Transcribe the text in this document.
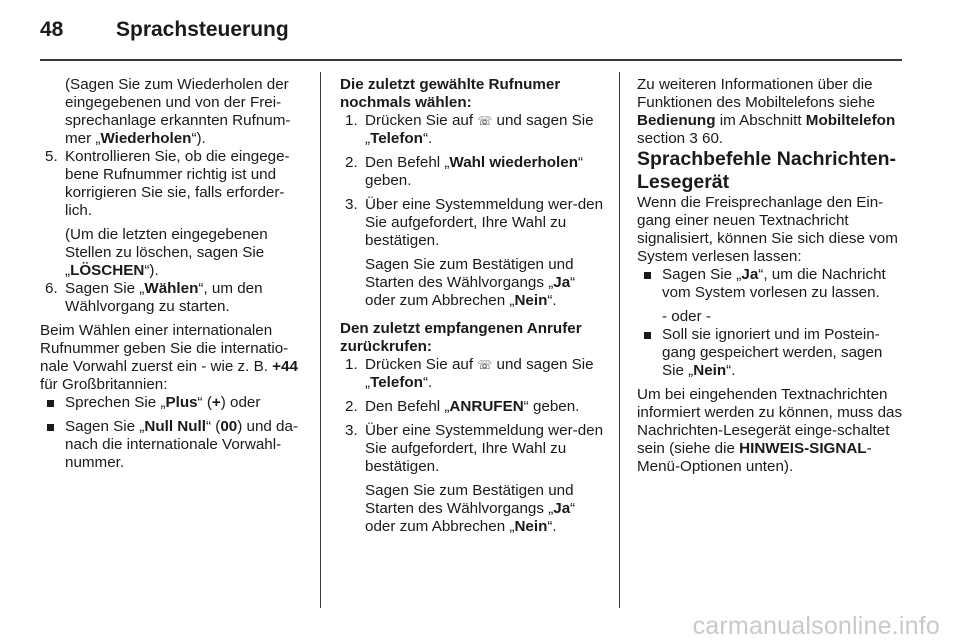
48	Sprachsteuerung

(Sagen Sie zum Wiederholen der eingegebenen und von der Frei-sprechanlage erkannten Rufnum-mer „Wiederholen“).

5. Kontrollieren Sie, ob die eingege-bene Rufnummer richtig ist und korrigieren Sie sie, falls erforder-lich.

(Um die letzten eingegebenen Stellen zu löschen, sagen Sie „LÖSCHEN“).

6. Sagen Sie „Wählen“, um den Wählvorgang zu starten.

Beim Wählen einer internationalen Rufnummer geben Sie die internatio-nale Vorwahl zuerst ein - wie z. B. +44 für Großbritannien:

Sprechen Sie „Plus“ (+) oder

Sagen Sie „Null Null“ (00) und da-nach die internationale Vorwahl-nummer.

Die zuletzt gewählte Rufnumer nochmals wählen:

1. Drücken Sie auf ☏ und sagen Sie „Telefon“.

2. Den Befehl „Wahl wiederholen“ geben.

3. Über eine Systemmeldung wer-den Sie aufgefordert, Ihre Wahl zu bestätigen.

Sagen Sie zum Bestätigen und Starten des Wählvorgangs „Ja“ oder zum Abbrechen „Nein“.

Den zuletzt empfangenen Anrufer zurückrufen:

1. Drücken Sie auf ☏ und sagen Sie „Telefon“.

2. Den Befehl „ANRUFEN“ geben.

3. Über eine Systemmeldung wer-den Sie aufgefordert, Ihre Wahl zu bestätigen.

Sagen Sie zum Bestätigen und Starten des Wählvorgangs „Ja“ oder zum Abbrechen „Nein“.

Zu weiteren Informationen über die Funktionen des Mobiltelefons siehe Bedienung im Abschnitt Mobiltelefon section 3 60.

Sprachbefehle Nachrichten-Lesegerät

Wenn die Freisprechanlage den Ein-gang einer neuen Textnachricht signalisiert, können Sie sich diese vom System verlesen lassen:

Sagen Sie „Ja“, um die Nachricht vom System vorlesen zu lassen.

- oder -

Soll sie ignoriert und im Postein-gang gespeichert werden, sagen Sie „Nein“.

Um bei eingehenden Textnachrichten informiert werden zu können, muss das Nachrichten-Lesegerät einge-schaltet sein (siehe die HINWEIS-SIGNAL-Menü-Optionen unten).

carmanualsonline.info
